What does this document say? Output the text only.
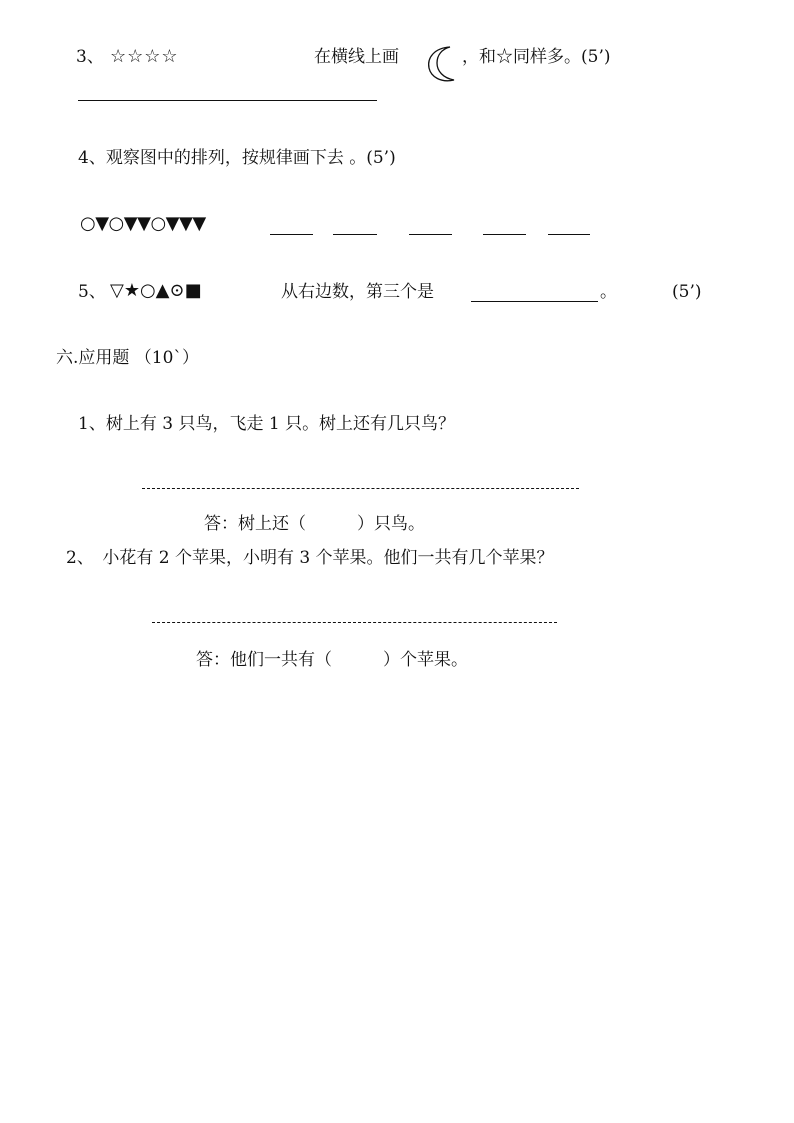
3、 ☆☆☆☆	在横线上画	，和☆同样多。(5’)
4、观察图中的排列，按规律画下去 。(5’)
○▼○▼▼○▼▼▼
5、 ▽★○▲⊙■	从右边数，第三个是	。	(5’)
六.应用题 （10`）
1、树上有 3 只鸟，飞走 1 只。树上还有几只鸟？
答：树上还（　　　）只鸟。
2、　小花有 2 个苹果，小明有 3 个苹果。他们一共有几个苹果？
答：他们一共有（　　　）个苹果。
